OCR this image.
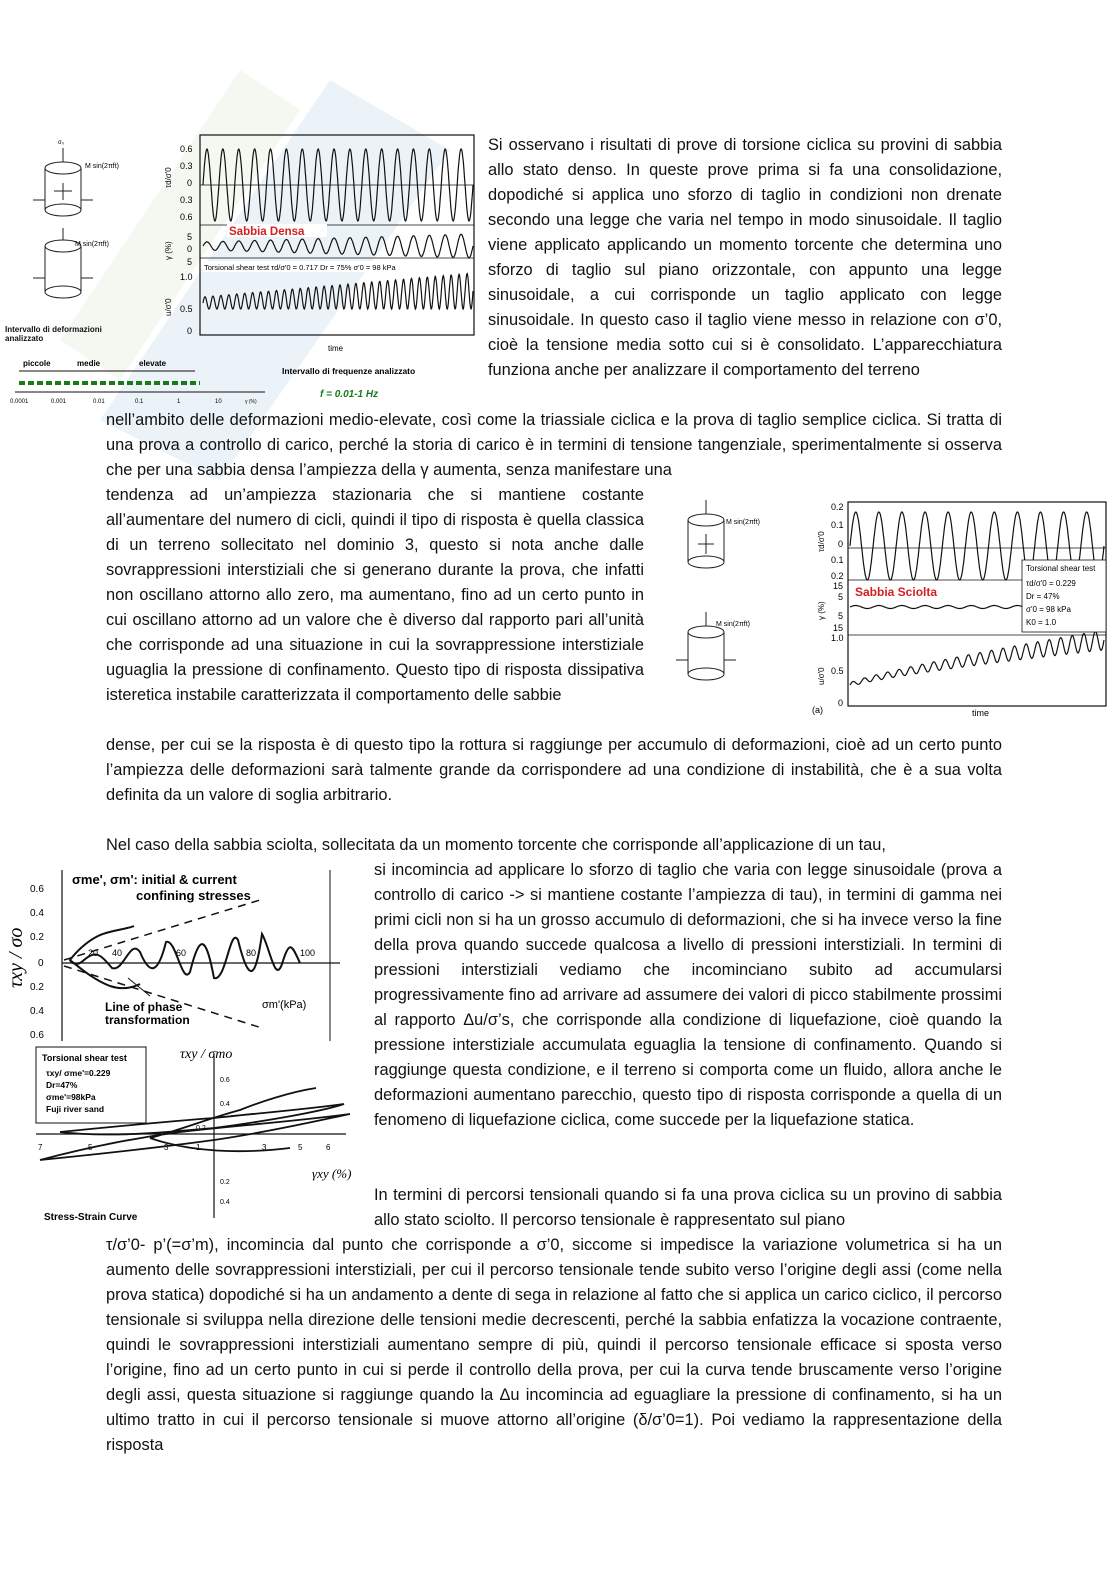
σ₀
M sin(2πft)
M sin(2πft)
Intervallo di deformazioni analizzato
piccole	medie	elevate
0.0001	0.001	0.01	0.1	1	10	γ (%)
0.6
0.3
0
0.3
0.6
5
0
5
1.0
0.5
0
τd/σ'0
γ (%)
u/σ'0
Sabbia Densa
Torsional shear test τd/σ'0 = 0.717 Dr = 75% σ'0 = 98 kPa
time
Intervallo di frequenze analizzato
f = 0.01-1 Hz

Si osservano i risultati di prove di torsione ciclica su provini di sabbia allo stato denso. In queste prove prima si fa una consolidazione, dopodiché si applica uno sforzo di taglio in condizioni non drenate secondo una legge che varia nel tempo in modo sinusoidale. Il taglio viene applicato applicando un momento torcente che determina uno sforzo di taglio sul piano orizzontale, con appunto una legge sinusoidale, a cui corrisponde un taglio applicato con legge sinusoidale. In questo caso il taglio viene messo in relazione con σ’0, cioè la tensione media sotto cui si è consolidato. L’apparecchiatura funziona anche per analizzare il comportamento del terreno

nell’ambito delle deformazioni medio-elevate, così come la triassiale ciclica e la prova di taglio semplice ciclica. Si tratta di una prova a controllo di carico, perché la storia di carico è in termini di tensione tangenziale, sperimentalmente si osserva che per una sabbia densa l’ampiezza della γ aumenta, senza manifestare una

M sin(2πft)
M sin(2πft)
0.2
0.1
0
0.1
0.2
15
5
5
15
1.0
0.5
0
τd/σ'0
γ (%)
u/σ'0
Sabbia Sciolta
Torsional shear test
τd/σ'0 = 0.229
Dr = 47%
σ'0 = 98 kPa
K0 = 1.0
(a)	time

tendenza ad un’ampiezza stazionaria che si mantiene costante all’aumentare del numero di cicli, quindi il tipo di risposta è quella classica di un terreno sollecitato nel dominio 3, questo si nota anche dalle sovrappressioni interstiziali che si generano durante la prova, che infatti non oscillano attorno allo zero, ma aumentano, fino ad un certo punto in cui oscillano attorno ad un valore che è diverso dal rapporto pari all’unità che corrisponde ad una situazione in cui la sovrappressione interstiziale uguaglia la pressione di confinamento. Questo tipo di risposta dissipativa isteretica instabile caratterizzata il comportamento delle sabbie

dense, per cui se la risposta è di questo tipo la rottura si raggiunge per accumulo di deformazioni, cioè ad un certo punto l’ampiezza delle deformazioni sarà talmente grande da corrispondere ad una condizione di instabilità, che è a sua volta definita da un valore di soglia arbitrario.

σme', σm': initial & current
confining stresses
0.6
0.4
0.2
0
0.2
0.4
0.6
τxy / σo	20 40	60	80	100
σm'(kPa)
Line of phase
transformation
Torsional shear test
τxy/ σme'=0.229
Dr=47%
σme'=98kPa
Fuji river sand
τxy / σmo
0.6
0.4
0.2
0.2
0.4
7	5	3	1	3	5	6
γxy (%)
Stress-Strain Curve

Nel caso della sabbia sciolta, sollecitata da un momento torcente che corrisponde all’applicazione di un tau,

si incomincia ad applicare lo sforzo di taglio che varia con legge sinusoidale (prova a controllo di carico -> si mantiene costante l’ampiezza di tau), in termini di gamma nei primi cicli non si ha un grosso accumulo di deformazioni, che si ha invece verso la fine della prova quando succede qualcosa a livello di pressioni interstiziali. In termini di pressioni interstiziali vediamo che incominciano subito ad accumularsi progressivamente fino ad arrivare ad assumere dei valori di picco stabilmente prossimi al rapporto Δu/σ’s, che corrisponde alla condizione di liquefazione, cioè quando la pressione interstiziale accumulata eguaglia la tensione di confinamento. Quando si raggiunge questa condizione, e il terreno si comporta come un fluido, allora anche le deformazioni aumentano parecchio, questo tipo di risposta corrisponde a quella di un fenomeno di liquefazione ciclica, come succede per la liquefazione statica.

In termini di percorsi tensionali quando si fa una prova ciclica su un provino di sabbia allo stato sciolto. Il percorso tensionale è rappresentato sul piano

τ/σ’0- p’(=σ’m), incomincia dal punto che corrisponde a σ’0, siccome si impedisce la variazione volumetrica si ha un aumento delle sovrappressioni interstiziali, per cui il percorso tensionale tende subito verso l’origine degli assi (come nella prova statica) dopodiché si ha un andamento a dente di sega in relazione al fatto che si applica un carico ciclico, il percorso tensionale si sviluppa nella direzione delle tensioni medie decrescenti, perché la sabbia enfatizza la vocazione contraente, quindi le sovrappressioni interstiziali aumentano sempre di più, quindi il percorso tensionale efficace si sposta verso l’origine, fino ad un certo punto in cui si perde il controllo della prova, per cui la curva tende bruscamente verso l’origine degli assi, questa situazione si raggiunge quando la Δu incomincia ad eguagliare la pressione di confinamento, si ha un ultimo tratto in cui il percorso tensionale si muove attorno all’origine (δ/σ’0=1). Poi vediamo la rappresentazione della risposta
